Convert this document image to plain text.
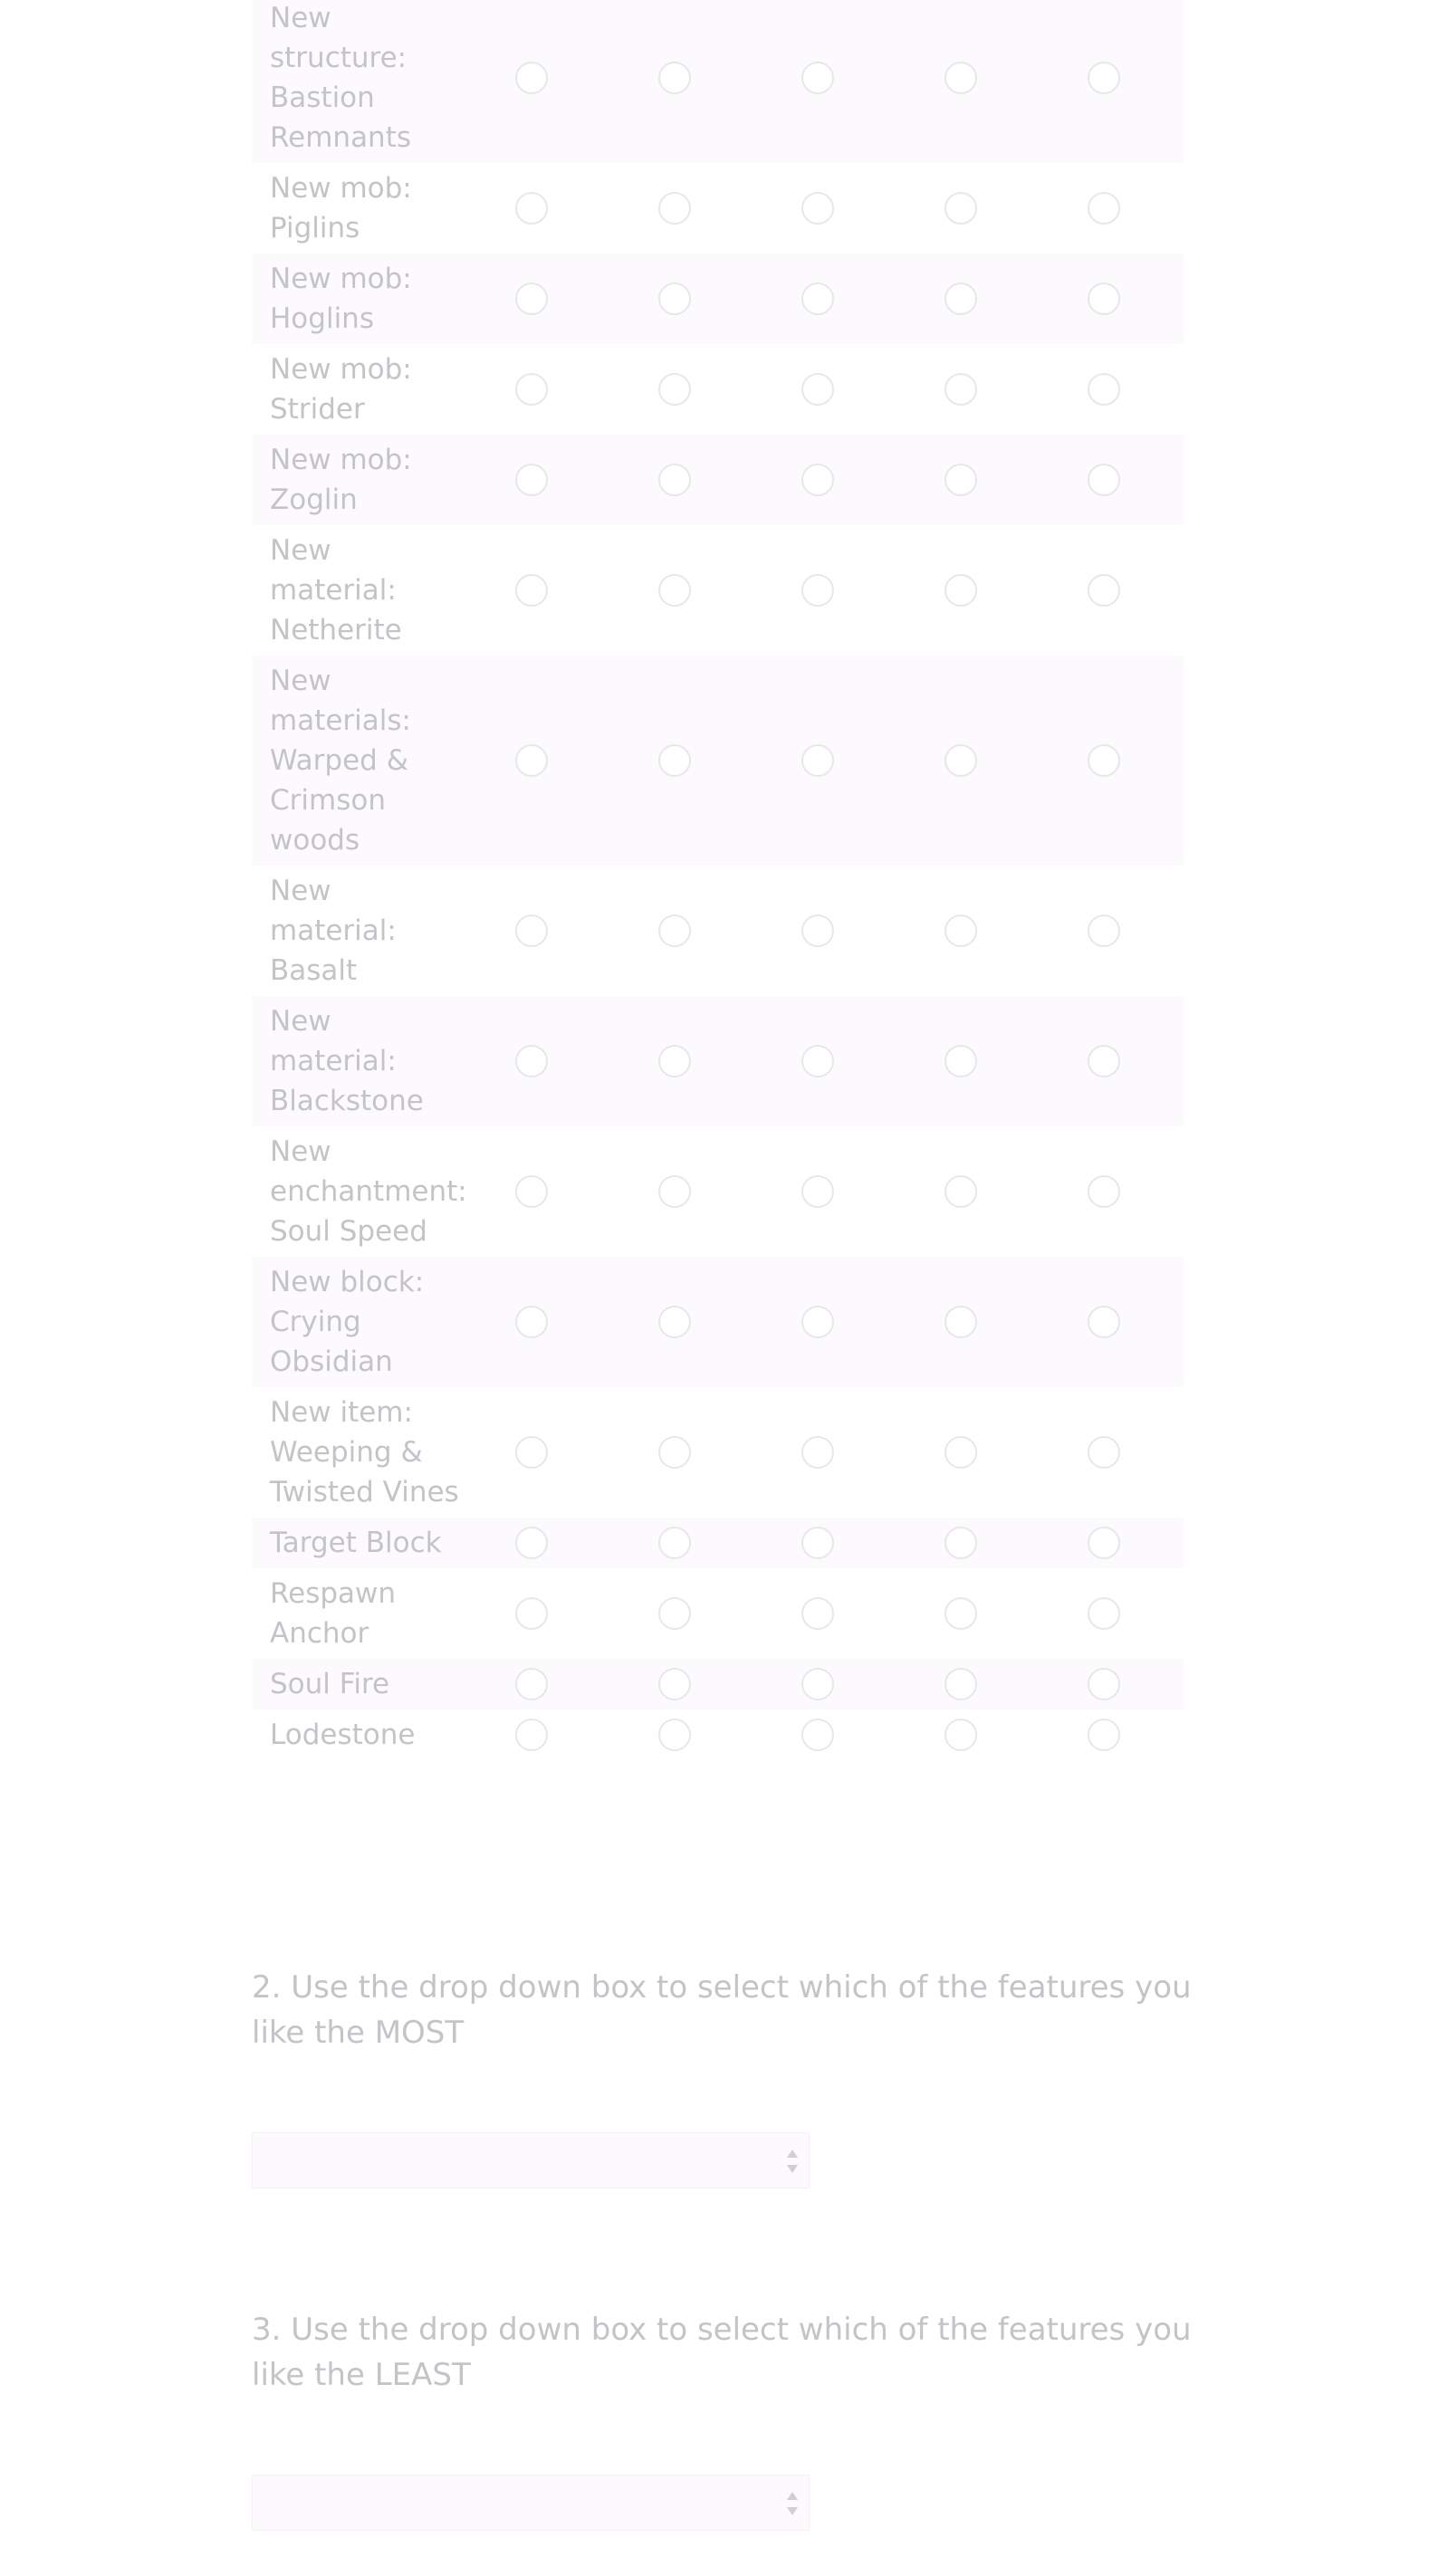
New structure: Bastion Remnants
New mob: Piglins
New mob: Hoglins
New mob: Strider
New mob: Zoglin
New material: Netherite
New materials: Warped & Crimson woods
New material: Basalt
New material: Blackstone
New enchantment: Soul Speed
New block: Crying Obsidian
New item: Weeping & Twisted Vines
Target Block
Respawn Anchor
Soul Fire
Lodestone
2. Use the drop down box to select which of the features you like the MOST
3. Use the drop down box to select which of the features you like the LEAST
